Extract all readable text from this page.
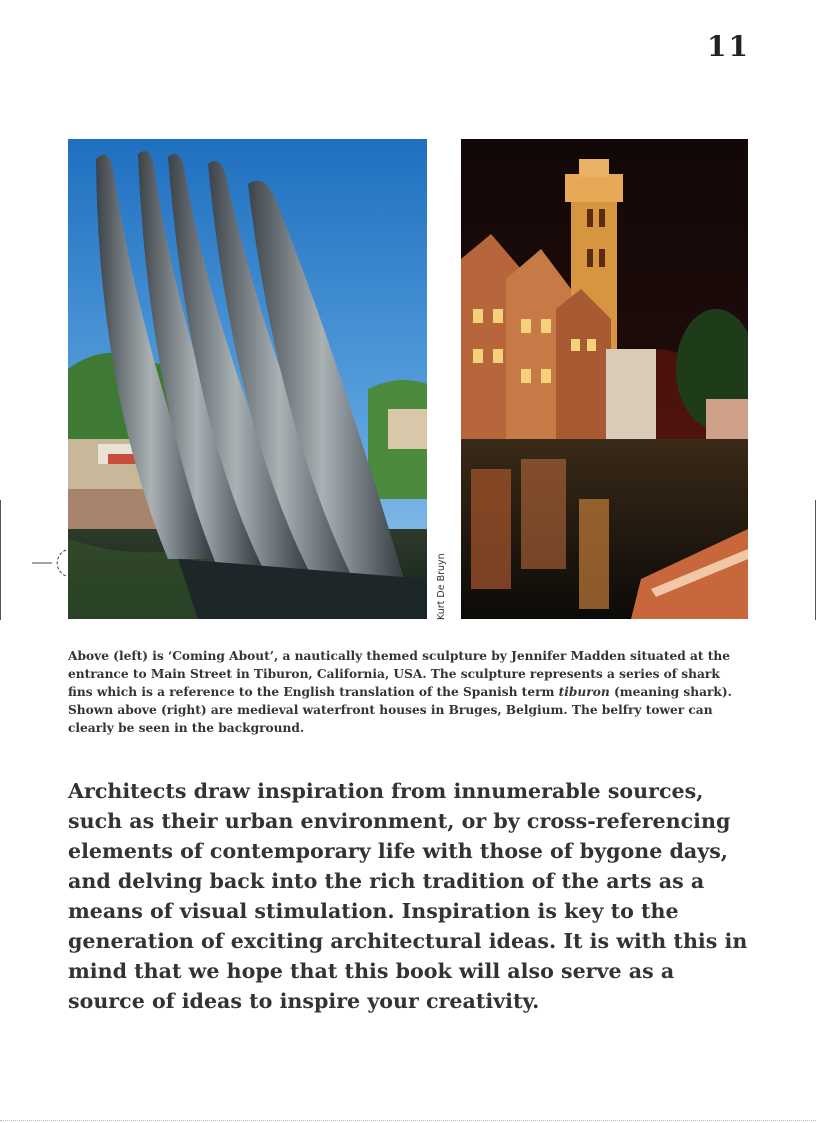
11
Kurt De Bruyn
Above (left) is ‘Coming About’, a nautically themed sculpture by Jennifer Madden situated at the entrance to Main Street in Tiburon, California, USA. The sculpture represents a series of shark fins which is a reference to the English translation of the Spanish term tiburon (meaning shark). Shown above (right) are medieval waterfront houses in Bruges, Belgium. The belfry tower can clearly be seen in the background.
Architects draw inspiration from innumerable sources, such as their urban environment, or by cross-referencing elements of contemporary life with those of bygone days, and delving back into the rich tradition of the arts as a means of visual stimulation. Inspiration is key to the generation of exciting architectural ideas. It is with this in mind that we hope that this book will also serve as a source of ideas to inspire your creativity.
